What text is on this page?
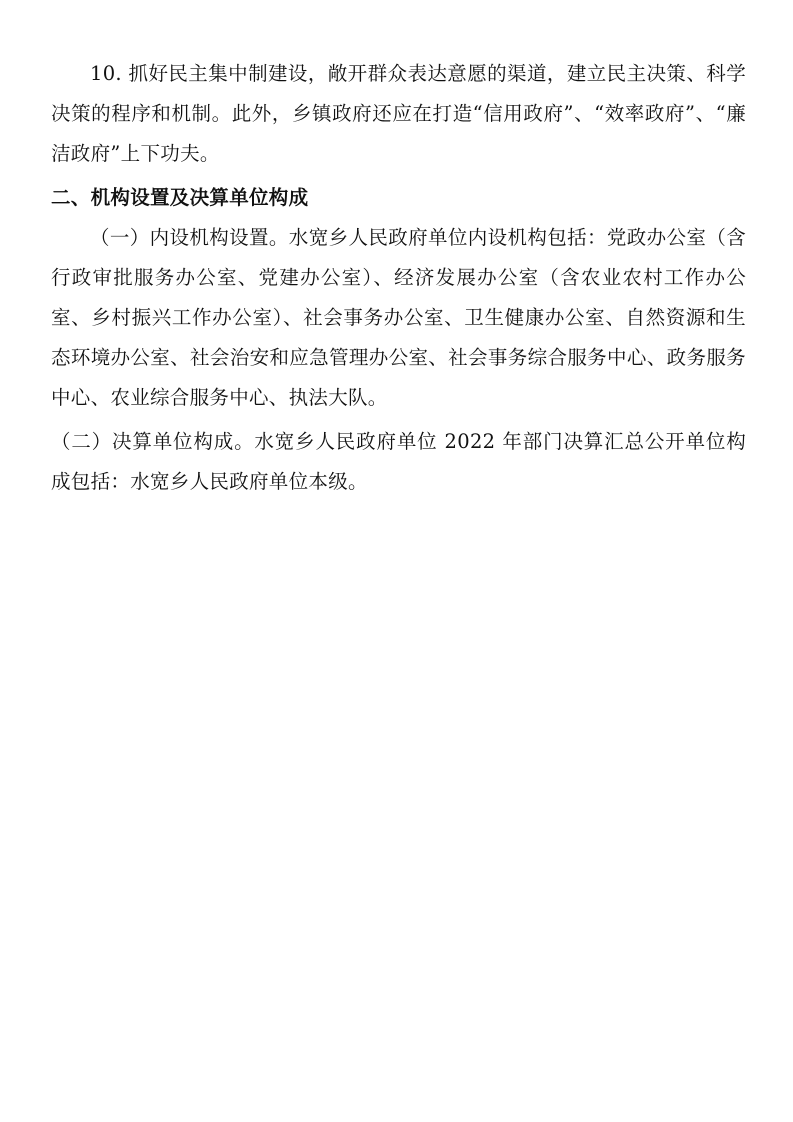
10. 抓好民主集中制建设，敞开群众表达意愿的渠道，建立民主决策、科学决策的程序和机制。此外，乡镇政府还应在打造“信用政府”、“效率政府”、“廉洁政府”上下功夫。

二、机构设置及决算单位构成

（一）内设机构设置。水宽乡人民政府单位内设机构包括：党政办公室（含行政审批服务办公室、党建办公室）、经济发展办公室（含农业农村工作办公室、乡村振兴工作办公室）、社会事务办公室、卫生健康办公室、自然资源和生态环境办公室、社会治安和应急管理办公室、社会事务综合服务中心、政务服务中心、农业综合服务中心、执法大队。

（二）决算单位构成。水宽乡人民政府单位 2022 年部门决算汇总公开单位构成包括：水宽乡人民政府单位本级。
